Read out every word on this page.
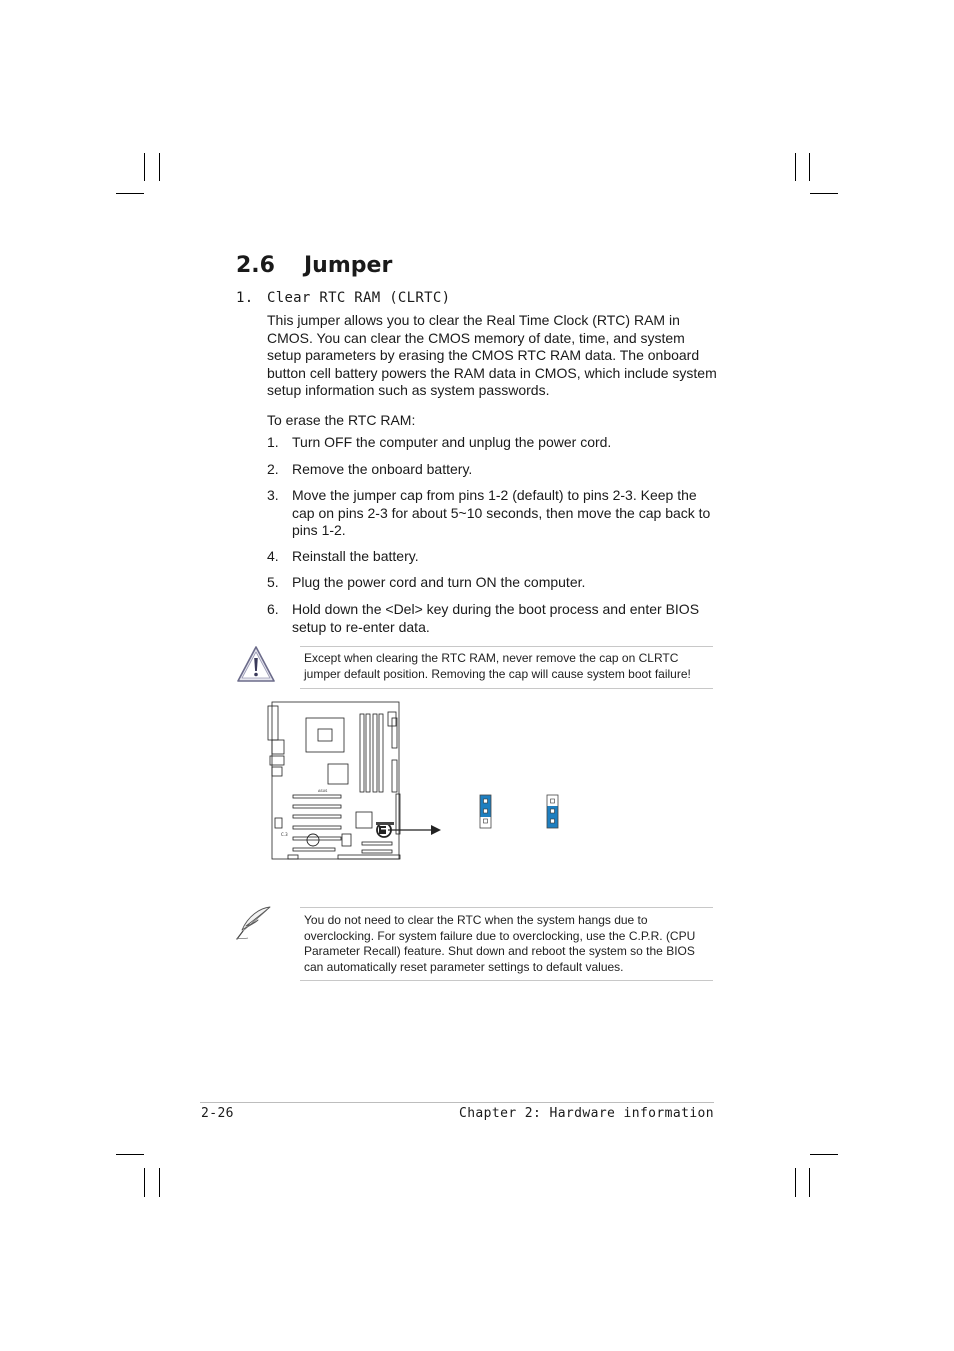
2.6 Jumper
1. Clear RTC RAM (CLRTC)
This jumper allows you to clear the Real Time Clock (RTC) RAM in CMOS. You can clear the CMOS memory of date, time, and system setup parameters by erasing the CMOS RTC RAM data. The onboard button cell battery powers the RAM data in CMOS, which include system setup information such as system passwords.
To erase the RTC RAM:
1. Turn OFF the computer and unplug the power cord.
2. Remove the onboard battery.
3. Move the jumper cap from pins 1-2 (default) to pins 2-3. Keep the cap on pins 2-3 for about 5~10 seconds, then move the cap back to pins 1-2.
4. Reinstall the battery.
5. Plug the power cord and turn ON the computer.
6. Hold down the <Del> key during the boot process and enter BIOS setup to re-enter data.
Except when clearing the RTC RAM, never remove the cap on CLRTC jumper default position. Removing the cap will cause system boot failure!
C.3
ASUS
You do not need to clear the RTC when the system hangs due to overclocking. For system failure due to overclocking, use the C.P.R. (CPU Parameter Recall) feature. Shut down and reboot the system so the BIOS can automatically reset parameter settings to default values.
2-26	Chapter 2: Hardware information
